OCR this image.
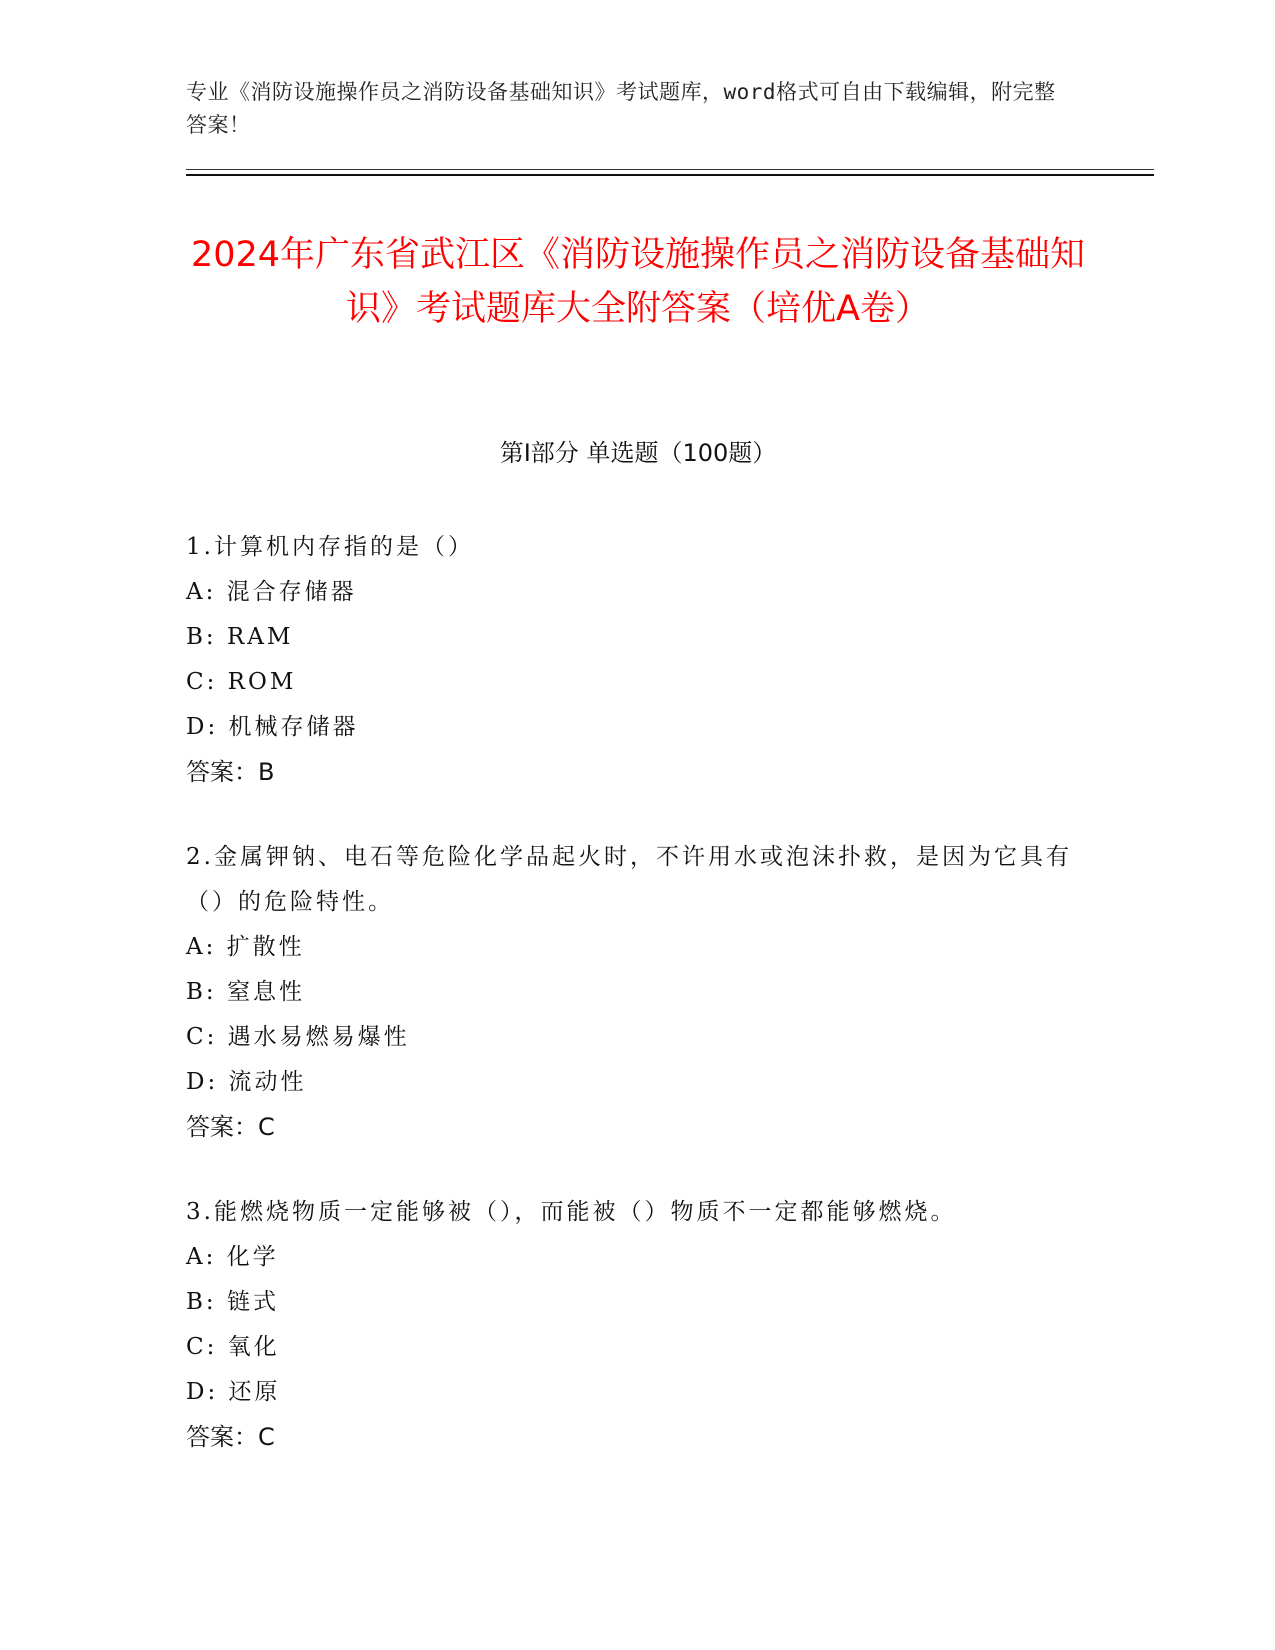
专业《消防设施操作员之消防设备基础知识》考试题库，word格式可自由下载编辑，附完整答案！
2024年广东省武江区《消防设施操作员之消防设备基础知识》考试题库大全附答案（培优A卷）
第Ⅰ部分 单选题（100题）
1.计算机内存指的是（）
A: 混合存储器
B: RAM
C: ROM
D: 机械存储器
答案：B
2.金属钾钠、电石等危险化学品起火时，不许用水或泡沫扑救，是因为它具有（）的危险特性。
A: 扩散性
B: 窒息性
C: 遇水易燃易爆性
D: 流动性
答案：C
3.能燃烧物质一定能够被（），而能被（）物质不一定都能够燃烧。
A: 化学
B: 链式
C: 氧化
D: 还原
答案：C
